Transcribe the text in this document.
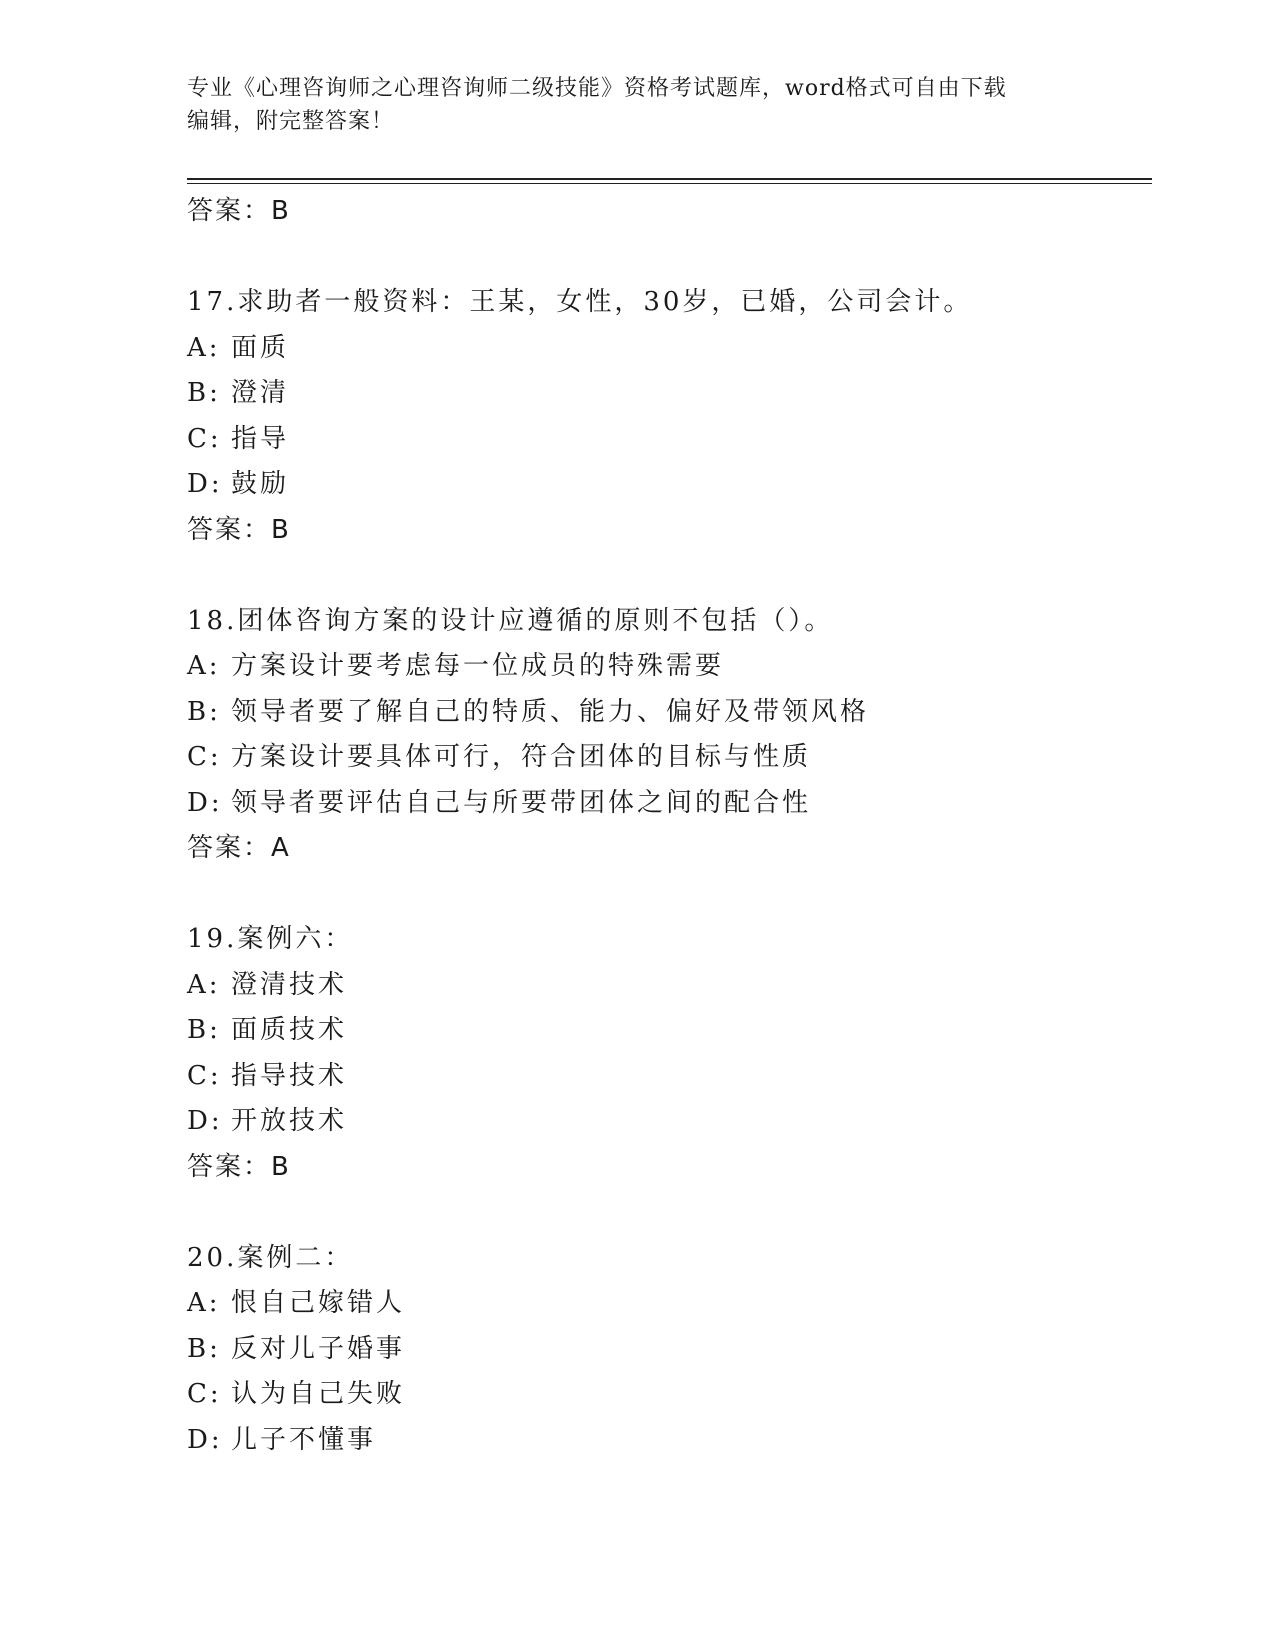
专业《心理咨询师之心理咨询师二级技能》资格考试题库，word格式可自由下载
编辑，附完整答案！
答案：B
17.求助者一般资料：王某，女性，30岁，已婚，公司会计。
A: 面质
B: 澄清
C: 指导
D: 鼓励
答案：B
18.团体咨询方案的设计应遵循的原则不包括（）。
A: 方案设计要考虑每一位成员的特殊需要
B: 领导者要了解自己的特质、能力、偏好及带领风格
C: 方案设计要具体可行，符合团体的目标与性质
D: 领导者要评估自己与所要带团体之间的配合性
答案：A
19.案例六：
A: 澄清技术
B: 面质技术
C: 指导技术
D: 开放技术
答案：B
20.案例二：
A: 恨自己嫁错人
B: 反对儿子婚事
C: 认为自己失败
D: 儿子不懂事
